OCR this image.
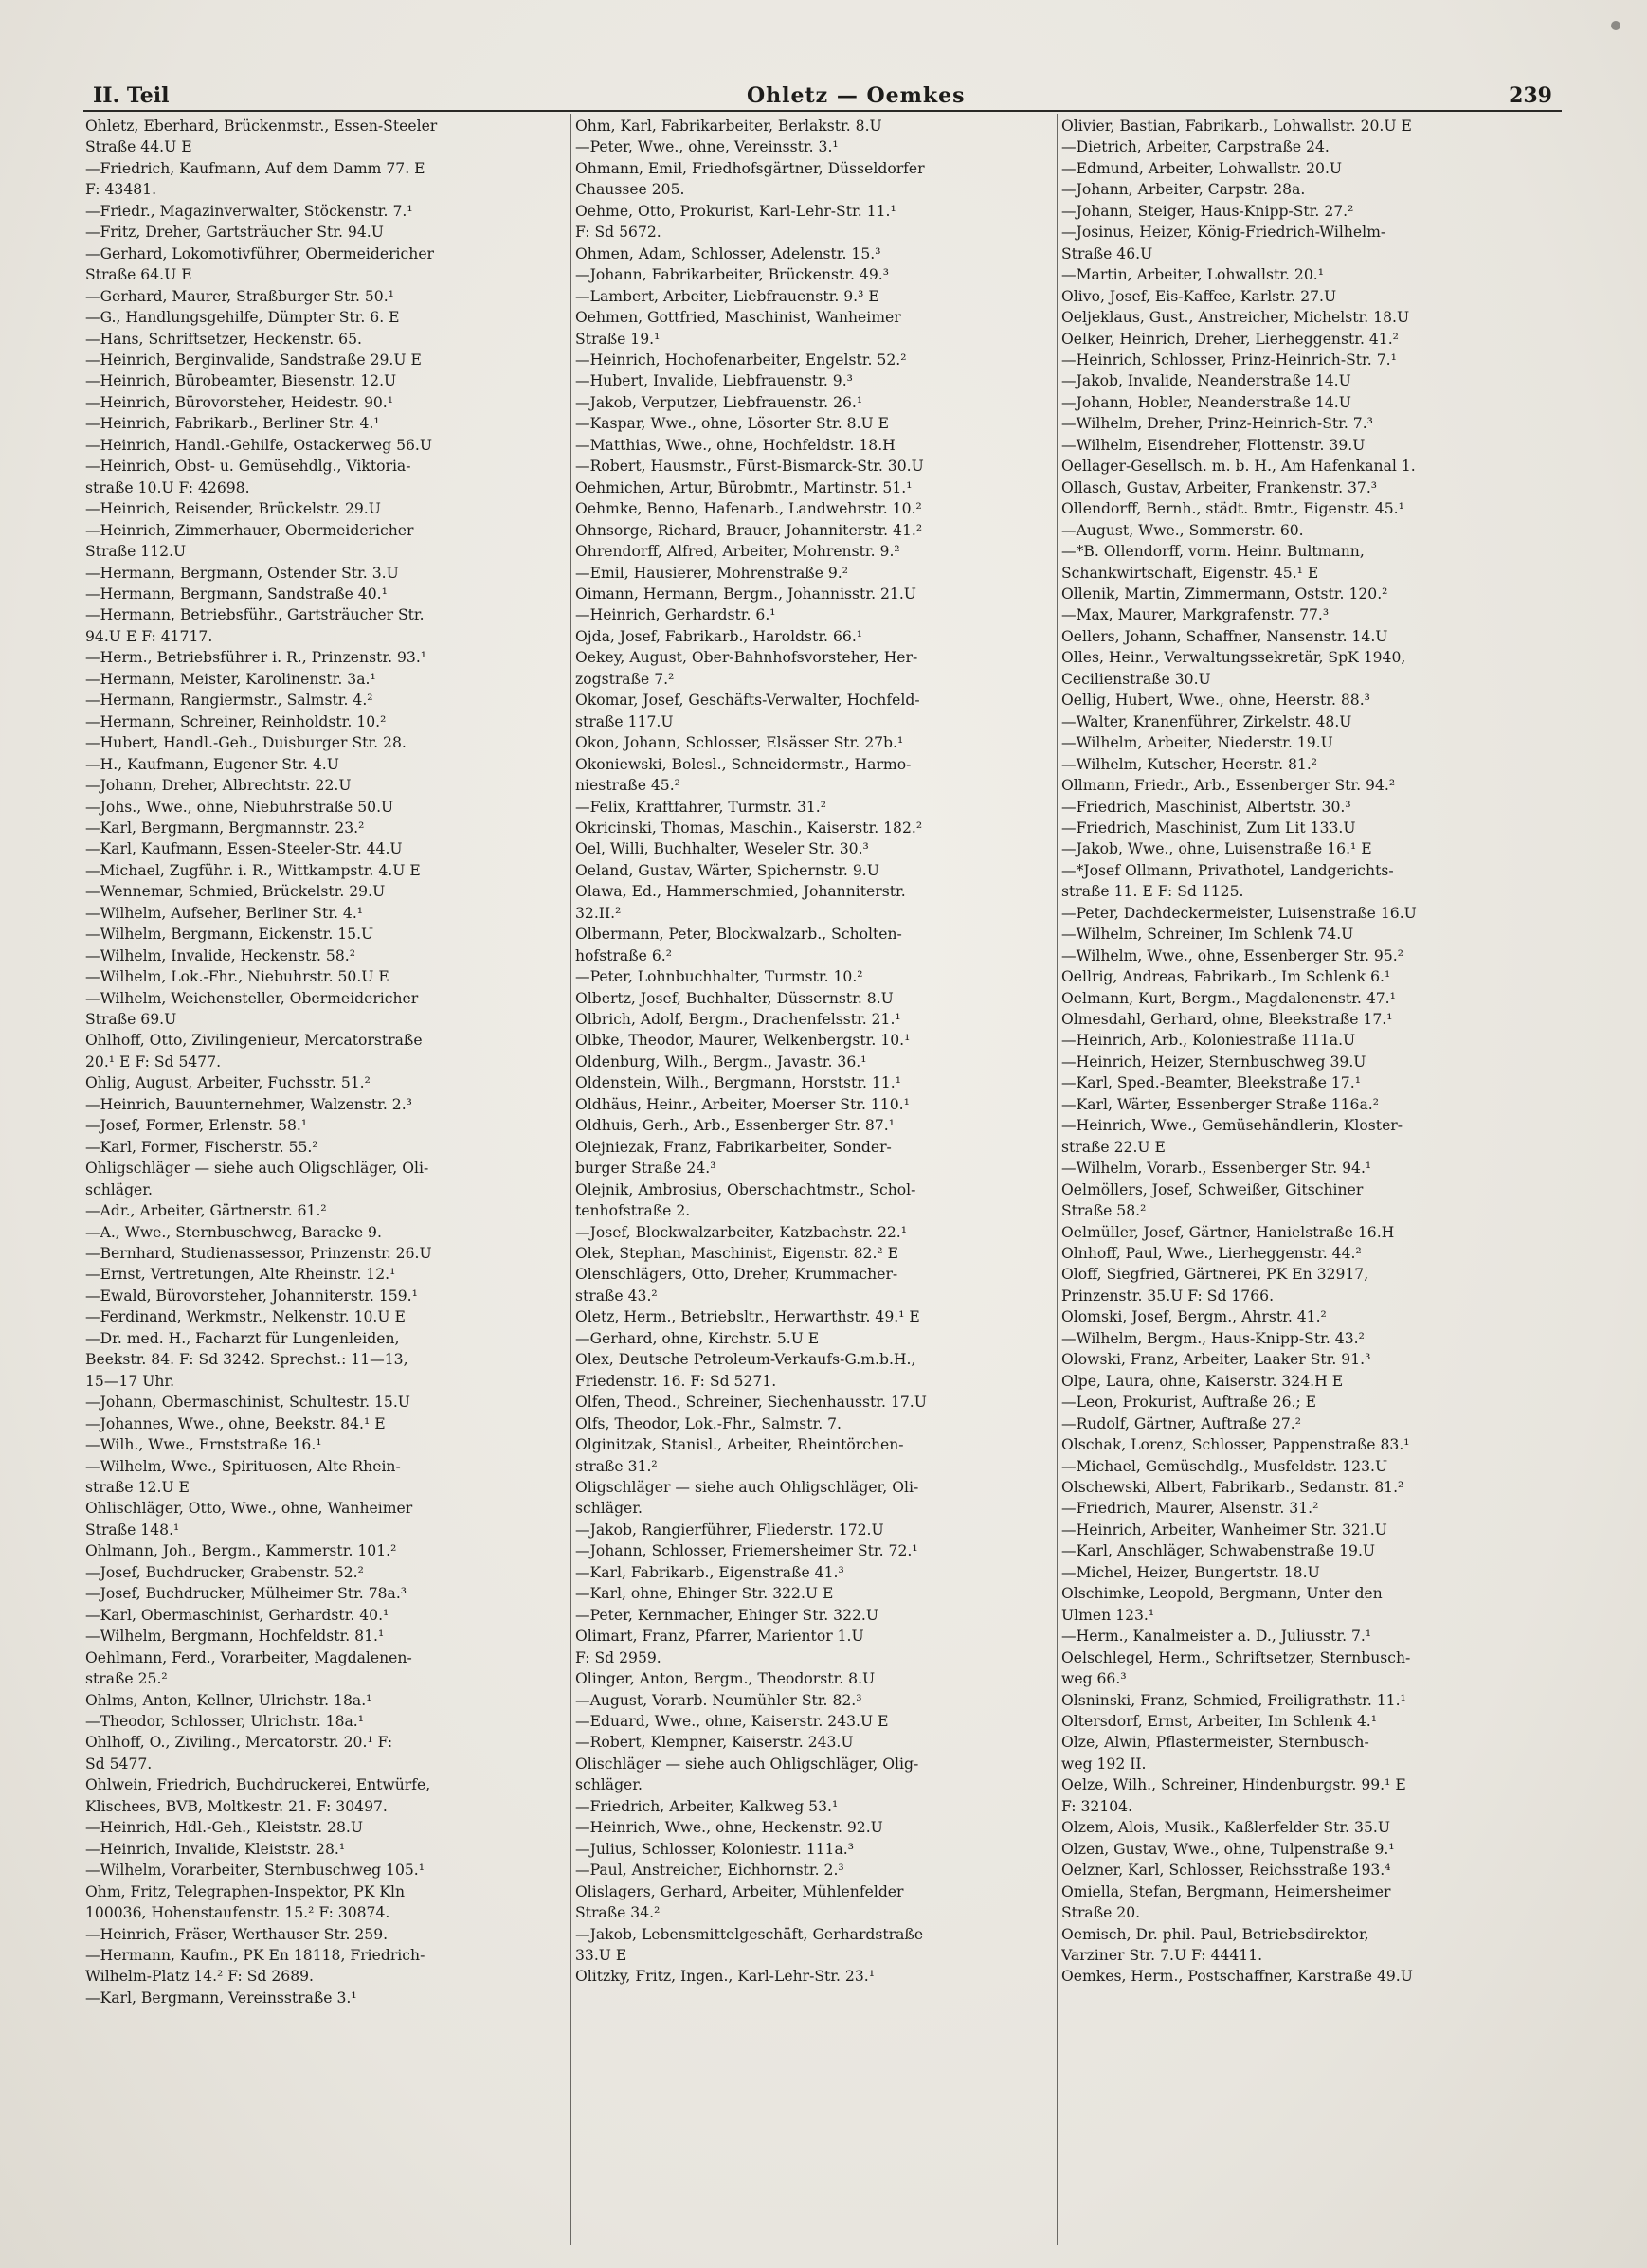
II. Teil	Ohletz — Oemkes	239
Ohletz, Eberhard, Brückenmstr., Essen-Steeler
Straße 44.U E
—Friedrich, Kaufmann, Auf dem Damm 77. E
F: 43481.
—Friedr., Magazinverwalter, Stöckenstr. 7.¹
—Fritz, Dreher, Gartsträucher Str. 94.U
—Gerhard, Lokomotivführer, Obermeidericher
Straße 64.U E
—Gerhard, Maurer, Straßburger Str. 50.¹
—G., Handlungsgehilfe, Dümpter Str. 6. E
—Hans, Schriftsetzer, Heckenstr. 65.
—Heinrich, Berginvalide, Sandstraße 29.U E
—Heinrich, Bürobeamter, Biesenstr. 12.U
—Heinrich, Bürovorsteher, Heidestr. 90.¹
—Heinrich, Fabrikarb., Berliner Str. 4.¹
—Heinrich, Handl.-Gehilfe, Ostackerweg 56.U
—Heinrich, Obst- u. Gemüsehdlg., Viktoria-
straße 10.U F: 42698.
—Heinrich, Reisender, Brückelstr. 29.U
—Heinrich, Zimmerhauer, Obermeidericher
Straße 112.U
—Hermann, Bergmann, Ostender Str. 3.U
—Hermann, Bergmann, Sandstraße 40.¹
—Hermann, Betriebsführ., Gartsträucher Str.
94.U E F: 41717.
—Herm., Betriebsführer i. R., Prinzenstr. 93.¹
—Hermann, Meister, Karolinenstr. 3a.¹
—Hermann, Rangiermstr., Salmstr. 4.²
—Hermann, Schreiner, Reinholdstr. 10.²
—Hubert, Handl.-Geh., Duisburger Str. 28.
—H., Kaufmann, Eugener Str. 4.U
—Johann, Dreher, Albrechtstr. 22.U
—Johs., Wwe., ohne, Niebuhrstraße 50.U
—Karl, Bergmann, Bergmannstr. 23.²
—Karl, Kaufmann, Essen-Steeler-Str. 44.U
—Michael, Zugführ. i. R., Wittkampstr. 4.U E
—Wennemar, Schmied, Brückelstr. 29.U
—Wilhelm, Aufseher, Berliner Str. 4.¹
—Wilhelm, Bergmann, Eickenstr. 15.U
—Wilhelm, Invalide, Heckenstr. 58.²
—Wilhelm, Lok.-Fhr., Niebuhrstr. 50.U E
—Wilhelm, Weichensteller, Obermeidericher
Straße 69.U
Ohlhoff, Otto, Zivilingenieur, Mercatorstraße
20.¹ E F: Sd 5477.
Ohlig, August, Arbeiter, Fuchsstr. 51.²
—Heinrich, Bauunternehmer, Walzenstr. 2.³
—Josef, Former, Erlenstr. 58.¹
—Karl, Former, Fischerstr. 55.²
Ohligschläger — siehe auch Oligschläger, Oli-
schläger.
—Adr., Arbeiter, Gärtnerstr. 61.²
—A., Wwe., Sternbuschweg, Baracke 9.
—Bernhard, Studienassessor, Prinzenstr. 26.U
—Ernst, Vertretungen, Alte Rheinstr. 12.¹
—Ewald, Bürovorsteher, Johanniterstr. 159.¹
—Ferdinand, Werkmstr., Nelkenstr. 10.U E
—Dr. med. H., Facharzt für Lungenleiden,
Beekstr. 84. F: Sd 3242. Sprechst.: 11—13,
15—17 Uhr.
—Johann, Obermaschinist, Schultestr. 15.U
—Johannes, Wwe., ohne, Beekstr. 84.¹ E
—Wilh., Wwe., Ernststraße 16.¹
—Wilhelm, Wwe., Spirituosen, Alte Rhein-
straße 12.U E
Ohlischläger, Otto, Wwe., ohne, Wanheimer
Straße 148.¹
Ohlmann, Joh., Bergm., Kammerstr. 101.²
—Josef, Buchdrucker, Grabenstr. 52.²
—Josef, Buchdrucker, Mülheimer Str. 78a.³
—Karl, Obermaschinist, Gerhardstr. 40.¹
—Wilhelm, Bergmann, Hochfeldstr. 81.¹
Oehlmann, Ferd., Vorarbeiter, Magdalenen-
straße 25.²
Ohlms, Anton, Kellner, Ulrichstr. 18a.¹
—Theodor, Schlosser, Ulrichstr. 18a.¹
Ohlhoff, O., Ziviling., Mercatorstr. 20.¹ F:
Sd 5477.
Ohlwein, Friedrich, Buchdruckerei, Entwürfe,
Klischees, BVB, Moltkestr. 21. F: 30497.
—Heinrich, Hdl.-Geh., Kleiststr. 28.U
—Heinrich, Invalide, Kleiststr. 28.¹
—Wilhelm, Vorarbeiter, Sternbuschweg 105.¹
Ohm, Fritz, Telegraphen-Inspektor, PK Kln
100036, Hohenstaufenstr. 15.² F: 30874.
—Heinrich, Fräser, Werthauser Str. 259.
—Hermann, Kaufm., PK En 18118, Friedrich-
Wilhelm-Platz 14.² F: Sd 2689.
—Karl, Bergmann, Vereinsstraße 3.¹
Ohm, Karl, Fabrikarbeiter, Berlakstr. 8.U
—Peter, Wwe., ohne, Vereinsstr. 3.¹
Ohmann, Emil, Friedhofsgärtner, Düsseldorfer
Chaussee 205.
Oehme, Otto, Prokurist, Karl-Lehr-Str. 11.¹
F: Sd 5672.
Ohmen, Adam, Schlosser, Adelenstr. 15.³
—Johann, Fabrikarbeiter, Brückenstr. 49.³
—Lambert, Arbeiter, Liebfrauenstr. 9.³ E
Oehmen, Gottfried, Maschinist, Wanheimer
Straße 19.¹
—Heinrich, Hochofenarbeiter, Engelstr. 52.²
—Hubert, Invalide, Liebfrauenstr. 9.³
—Jakob, Verputzer, Liebfrauenstr. 26.¹
—Kaspar, Wwe., ohne, Lösorter Str. 8.U E
—Matthias, Wwe., ohne, Hochfeldstr. 18.H
—Robert, Hausmstr., Fürst-Bismarck-Str. 30.U
Oehmichen, Artur, Bürobmtr., Martinstr. 51.¹
Oehmke, Benno, Hafenarb., Landwehrstr. 10.²
Ohnsorge, Richard, Brauer, Johanniterstr. 41.²
Ohrendorff, Alfred, Arbeiter, Mohrenstr. 9.²
—Emil, Hausierer, Mohrenstraße 9.²
Oimann, Hermann, Bergm., Johannisstr. 21.U
—Heinrich, Gerhardstr. 6.¹
Ojda, Josef, Fabrikarb., Haroldstr. 66.¹
Oekey, August, Ober-Bahnhofsvorsteher, Her-
zogstraße 7.²
Okomar, Josef, Geschäfts-Verwalter, Hochfeld-
straße 117.U
Okon, Johann, Schlosser, Elsässer Str. 27b.¹
Okoniewski, Bolesl., Schneidermstr., Harmo-
niestraße 45.²
—Felix, Kraftfahrer, Turmstr. 31.²
Okricinski, Thomas, Maschin., Kaiserstr. 182.²
Oel, Willi, Buchhalter, Weseler Str. 30.³
Oeland, Gustav, Wärter, Spichernstr. 9.U
Olawa, Ed., Hammerschmied, Johanniterstr.
32.II.²
Olbermann, Peter, Blockwalzarb., Scholten-
hofstraße 6.²
—Peter, Lohnbuchhalter, Turmstr. 10.²
Olbertz, Josef, Buchhalter, Düssernstr. 8.U
Olbrich, Adolf, Bergm., Drachenfelsstr. 21.¹
Olbke, Theodor, Maurer, Welkenbergstr. 10.¹
Oldenburg, Wilh., Bergm., Javastr. 36.¹
Oldenstein, Wilh., Bergmann, Horststr. 11.¹
Oldhäus, Heinr., Arbeiter, Moerser Str. 110.¹
Oldhuis, Gerh., Arb., Essenberger Str. 87.¹
Olejniezak, Franz, Fabrikarbeiter, Sonder-
burger Straße 24.³
Olejnik, Ambrosius, Oberschachtmstr., Schol-
tenhofstraße 2.
—Josef, Blockwalzarbeiter, Katzbachstr. 22.¹
Olek, Stephan, Maschinist, Eigenstr. 82.² E
Olenschlägers, Otto, Dreher, Krummacher-
straße 43.²
Oletz, Herm., Betriebsltr., Herwarthstr. 49.¹ E
—Gerhard, ohne, Kirchstr. 5.U E
Olex, Deutsche Petroleum-Verkaufs-G.m.b.H.,
Friedenstr. 16. F: Sd 5271.
Olfen, Theod., Schreiner, Siechenhausstr. 17.U
Olfs, Theodor, Lok.-Fhr., Salmstr. 7.
Olginitzak, Stanisl., Arbeiter, Rheintörchen-
straße 31.²
Oligschläger — siehe auch Ohligschläger, Oli-
schläger.
—Jakob, Rangierführer, Fliederstr. 172.U
—Johann, Schlosser, Friemersheimer Str. 72.¹
—Karl, Fabrikarb., Eigenstraße 41.³
—Karl, ohne, Ehinger Str. 322.U E
—Peter, Kernmacher, Ehinger Str. 322.U
Olimart, Franz, Pfarrer, Marientor 1.U
F: Sd 2959.
Olinger, Anton, Bergm., Theodorstr. 8.U
—August, Vorarb. Neumühler Str. 82.³
—Eduard, Wwe., ohne, Kaiserstr. 243.U E
—Robert, Klempner, Kaiserstr. 243.U
Olischläger — siehe auch Ohligschläger, Olig-
schläger.
—Friedrich, Arbeiter, Kalkweg 53.¹
—Heinrich, Wwe., ohne, Heckenstr. 92.U
—Julius, Schlosser, Koloniestr. 111a.³
—Paul, Anstreicher, Eichhornstr. 2.³
Olislagers, Gerhard, Arbeiter, Mühlenfelder
Straße 34.²
—Jakob, Lebensmittelgeschäft, Gerhardstraße
33.U E
Olitzky, Fritz, Ingen., Karl-Lehr-Str. 23.¹
Olivier, Bastian, Fabrikarb., Lohwallstr. 20.U E
—Dietrich, Arbeiter, Carpstraße 24.
—Edmund, Arbeiter, Lohwallstr. 20.U
—Johann, Arbeiter, Carpstr. 28a.
—Johann, Steiger, Haus-Knipp-Str. 27.²
—Josinus, Heizer, König-Friedrich-Wilhelm-
Straße 46.U
—Martin, Arbeiter, Lohwallstr. 20.¹
Olivo, Josef, Eis-Kaffee, Karlstr. 27.U
Oeljeklaus, Gust., Anstreicher, Michelstr. 18.U
Oelker, Heinrich, Dreher, Lierheggenstr. 41.²
—Heinrich, Schlosser, Prinz-Heinrich-Str. 7.¹
—Jakob, Invalide, Neanderstraße 14.U
—Johann, Hobler, Neanderstraße 14.U
—Wilhelm, Dreher, Prinz-Heinrich-Str. 7.³
—Wilhelm, Eisendreher, Flottenstr. 39.U
Oellager-Gesellsch. m. b. H., Am Hafenkanal 1.
Ollasch, Gustav, Arbeiter, Frankenstr. 37.³
Ollendorff, Bernh., städt. Bmtr., Eigenstr. 45.¹
—August, Wwe., Sommerstr. 60.
—*B. Ollendorff, vorm. Heinr. Bultmann,
Schankwirtschaft, Eigenstr. 45.¹ E
Ollenik, Martin, Zimmermann, Oststr. 120.²
—Max, Maurer, Markgrafenstr. 77.³
Oellers, Johann, Schaffner, Nansenstr. 14.U
Olles, Heinr., Verwaltungssekretär, SpK 1940,
Cecilienstraße 30.U
Oellig, Hubert, Wwe., ohne, Heerstr. 88.³
—Walter, Kranenführer, Zirkelstr. 48.U
—Wilhelm, Arbeiter, Niederstr. 19.U
—Wilhelm, Kutscher, Heerstr. 81.²
Ollmann, Friedr., Arb., Essenberger Str. 94.²
—Friedrich, Maschinist, Albertstr. 30.³
—Friedrich, Maschinist, Zum Lit 133.U
—Jakob, Wwe., ohne, Luisenstraße 16.¹ E
—*Josef Ollmann, Privathotel, Landgerichts-
straße 11. E F: Sd 1125.
—Peter, Dachdeckermeister, Luisenstraße 16.U
—Wilhelm, Schreiner, Im Schlenk 74.U
—Wilhelm, Wwe., ohne, Essenberger Str. 95.²
Oellrig, Andreas, Fabrikarb., Im Schlenk 6.¹
Oelmann, Kurt, Bergm., Magdalenenstr. 47.¹
Olmesdahl, Gerhard, ohne, Bleekstraße 17.¹
—Heinrich, Arb., Koloniestraße 111a.U
—Heinrich, Heizer, Sternbuschweg 39.U
—Karl, Sped.-Beamter, Bleekstraße 17.¹
—Karl, Wärter, Essenberger Straße 116a.²
—Heinrich, Wwe., Gemüsehändlerin, Kloster-
straße 22.U E
—Wilhelm, Vorarb., Essenberger Str. 94.¹
Oelmöllers, Josef, Schweißer, Gitschiner
Straße 58.²
Oelmüller, Josef, Gärtner, Hanielstraße 16.H
Olnhoff, Paul, Wwe., Lierheggenstr. 44.²
Oloff, Siegfried, Gärtnerei, PK En 32917,
Prinzenstr. 35.U F: Sd 1766.
Olomski, Josef, Bergm., Ahrstr. 41.²
—Wilhelm, Bergm., Haus-Knipp-Str. 43.²
Olowski, Franz, Arbeiter, Laaker Str. 91.³
Olpe, Laura, ohne, Kaiserstr. 324.H E
—Leon, Prokurist, Auftraße 26.; E
—Rudolf, Gärtner, Auftraße 27.²
Olschak, Lorenz, Schlosser, Pappenstraße 83.¹
—Michael, Gemüsehdlg., Musfeldstr. 123.U
Olschewski, Albert, Fabrikarb., Sedanstr. 81.²
—Friedrich, Maurer, Alsenstr. 31.²
—Heinrich, Arbeiter, Wanheimer Str. 321.U
—Karl, Anschläger, Schwabenstraße 19.U
—Michel, Heizer, Bungertstr. 18.U
Olschimke, Leopold, Bergmann, Unter den
Ulmen 123.¹
—Herm., Kanalmeister a. D., Juliusstr. 7.¹
Oelschlegel, Herm., Schriftsetzer, Sternbusch-
weg 66.³
Olsninski, Franz, Schmied, Freiligrathstr. 11.¹
Oltersdorf, Ernst, Arbeiter, Im Schlenk 4.¹
Olze, Alwin, Pflastermeister, Sternbusch-
weg 192 II.
Oelze, Wilh., Schreiner, Hindenburgstr. 99.¹ E
F: 32104.
Olzem, Alois, Musik., Kaßlerfelder Str. 35.U
Olzen, Gustav, Wwe., ohne, Tulpenstraße 9.¹
Oelzner, Karl, Schlosser, Reichsstraße 193.⁴
Omiella, Stefan, Bergmann, Heimersheimer
Straße 20.
Oemisch, Dr. phil. Paul, Betriebsdirektor,
Varziner Str. 7.U F: 44411.
Oemkes, Herm., Postschaffner, Karstraße 49.U
